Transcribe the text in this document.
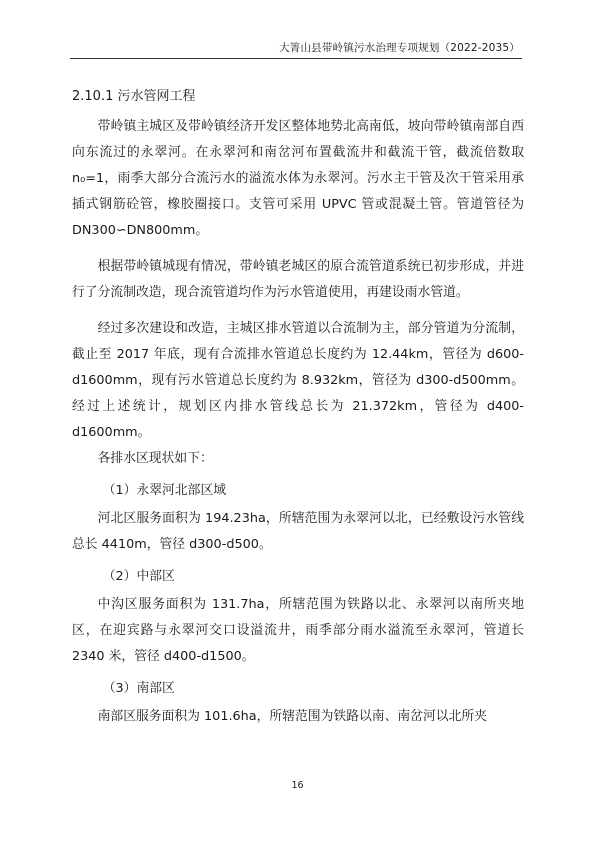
大箐山县带岭镇污水治理专项规划（2022-2035）

2.10.1 污水管网工程

带岭镇主城区及带岭镇经济开发区整体地势北高南低，坡向带岭镇南部自西向东流过的永翠河。在永翠河和南岔河布置截流井和截流干管，截流倍数取 n₀=1，雨季大部分合流污水的溢流水体为永翠河。污水主干管及次干管采用承插式钢筋砼管，橡胶圈接口。支管可采用 UPVC 管或混凝土管。管道管径为 DN300∽DN800mm。

根据带岭镇城现有情况，带岭镇老城区的原合流管道系统已初步形成，并进行了分流制改造，现合流管道均作为污水管道使用，再建设雨水管道。

经过多次建设和改造，主城区排水管道以合流制为主，部分管道为分流制，截止至 2017 年底，现有合流排水管道总长度约为 12.44km，管径为 d600-d1600mm，现有污水管道总长度约为 8.932km，管径为 d300-d500mm。经过上述统计，规划区内排水管线总长为 21.372km，管径为 d400-d1600mm。

各排水区现状如下：

（1）永翠河北部区域

河北区服务面积为 194.23ha，所辖范围为永翠河以北，已经敷设污水管线总长 4410m，管径 d300-d500。

（2）中部区

中沟区服务面积为 131.7ha，所辖范围为铁路以北、永翠河以南所夹地区，在迎宾路与永翠河交口设溢流井，雨季部分雨水溢流至永翠河，管道长 2340 米，管径 d400-d1500。

（3）南部区

南部区服务面积为 101.6ha，所辖范围为铁路以南、南岔河以北所夹

16
